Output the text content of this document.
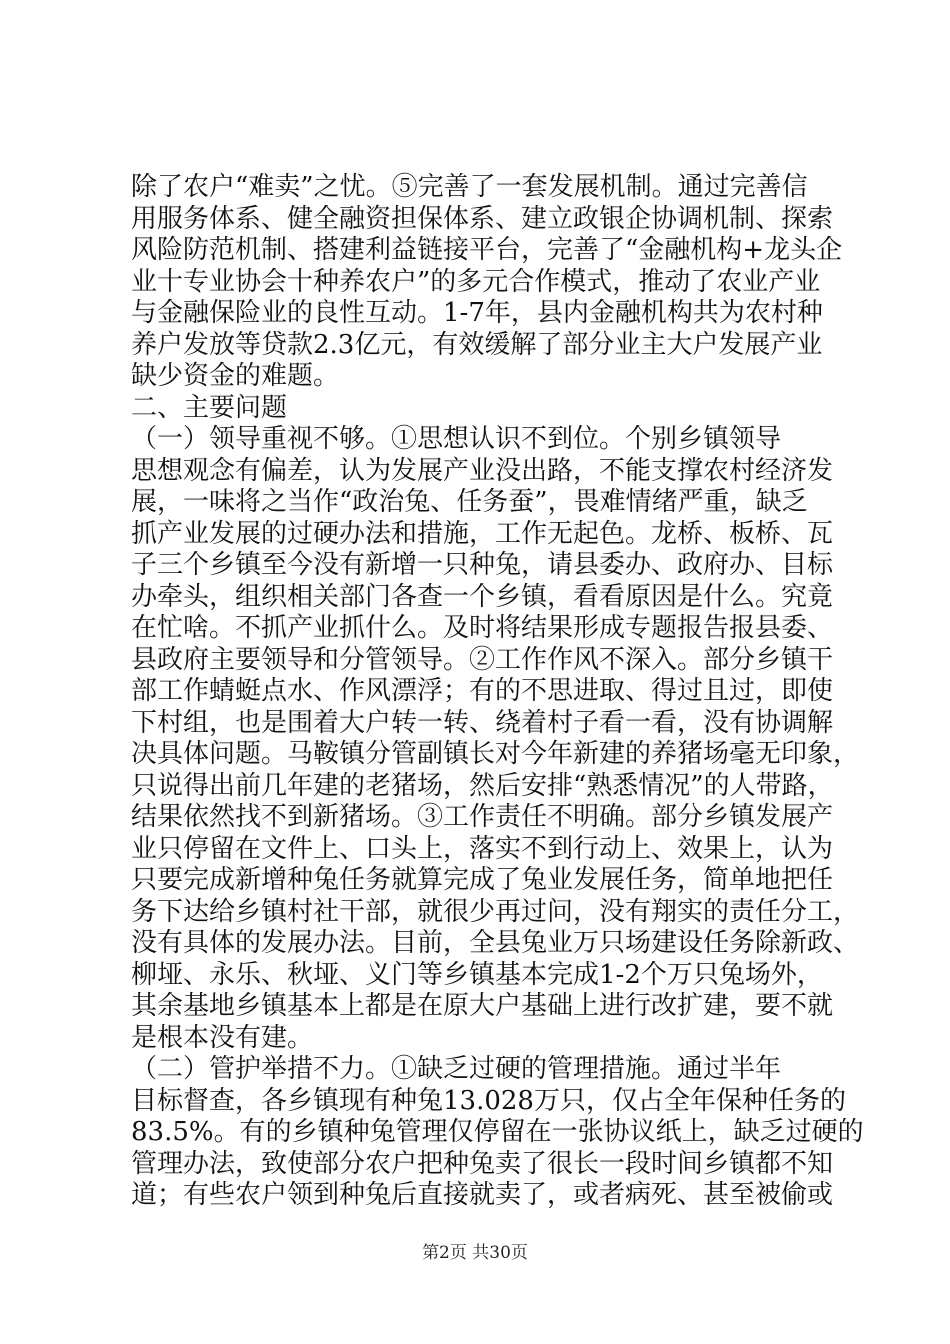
除了农户“难卖”之忧。⑤完善了一套发展机制。通过完善信
用服务体系、健全融资担保体系、建立政银企协调机制、探索
风险防范机制、搭建利益链接平台，完善了“金融机构+龙头企
业十专业协会十种养农户”的多元合作模式，推动了农业产业
与金融保险业的良性互动。1-7年，县内金融机构共为农村种
养户发放等贷款2.3亿元，有效缓解了部分业主大户发展产业
缺少资金的难题。
二、主要问题
（一）领导重视不够。①思想认识不到位。个别乡镇领导
思想观念有偏差，认为发展产业没出路，不能支撑农村经济发
展，一味将之当作“政治兔、任务蚕”，畏难情绪严重，缺乏
抓产业发展的过硬办法和措施，工作无起色。龙桥、板桥、瓦
子三个乡镇至今没有新增一只种兔，请县委办、政府办、目标
办牵头，组织相关部门各查一个乡镇，看看原因是什么。究竟
在忙啥。不抓产业抓什么。及时将结果形成专题报告报县委、
县政府主要领导和分管领导。②工作作风不深入。部分乡镇干
部工作蜻蜓点水、作风漂浮；有的不思进取、得过且过，即使
下村组，也是围着大户转一转、绕着村子看一看，没有协调解
决具体问题。马鞍镇分管副镇长对今年新建的养猪场毫无印象，
只说得出前几年建的老猪场，然后安排“熟悉情况”的人带路，
结果依然找不到新猪场。③工作责任不明确。部分乡镇发展产
业只停留在文件上、口头上，落实不到行动上、效果上，认为
只要完成新增种兔任务就算完成了兔业发展任务，简单地把任
务下达给乡镇村社干部，就很少再过问，没有翔实的责任分工，
没有具体的发展办法。目前，全县兔业万只场建设任务除新政、
柳垭、永乐、秋垭、义门等乡镇基本完成1-2个万只兔场外，
其余基地乡镇基本上都是在原大户基础上进行改扩建，要不就
是根本没有建。
（二）管护举措不力。①缺乏过硬的管理措施。通过半年
目标督查，各乡镇现有种兔13.028万只，仅占全年保种任务的
83.5%。有的乡镇种兔管理仅停留在一张协议纸上，缺乏过硬的
管理办法，致使部分农户把种兔卖了很长一段时间乡镇都不知
道；有些农户领到种兔后直接就卖了，或者病死、甚至被偷或
第2页 共30页
